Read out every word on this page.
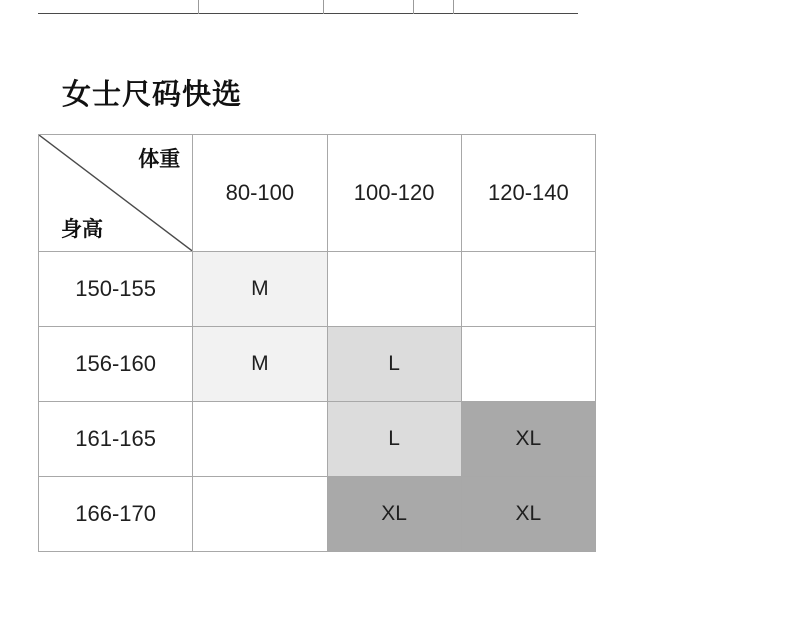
女士尺码快选
体重
身高	80-100	100-120	120-140
150-155	M		
156-160	M	L	
161-165		L	XL
166-170		XL	XL
